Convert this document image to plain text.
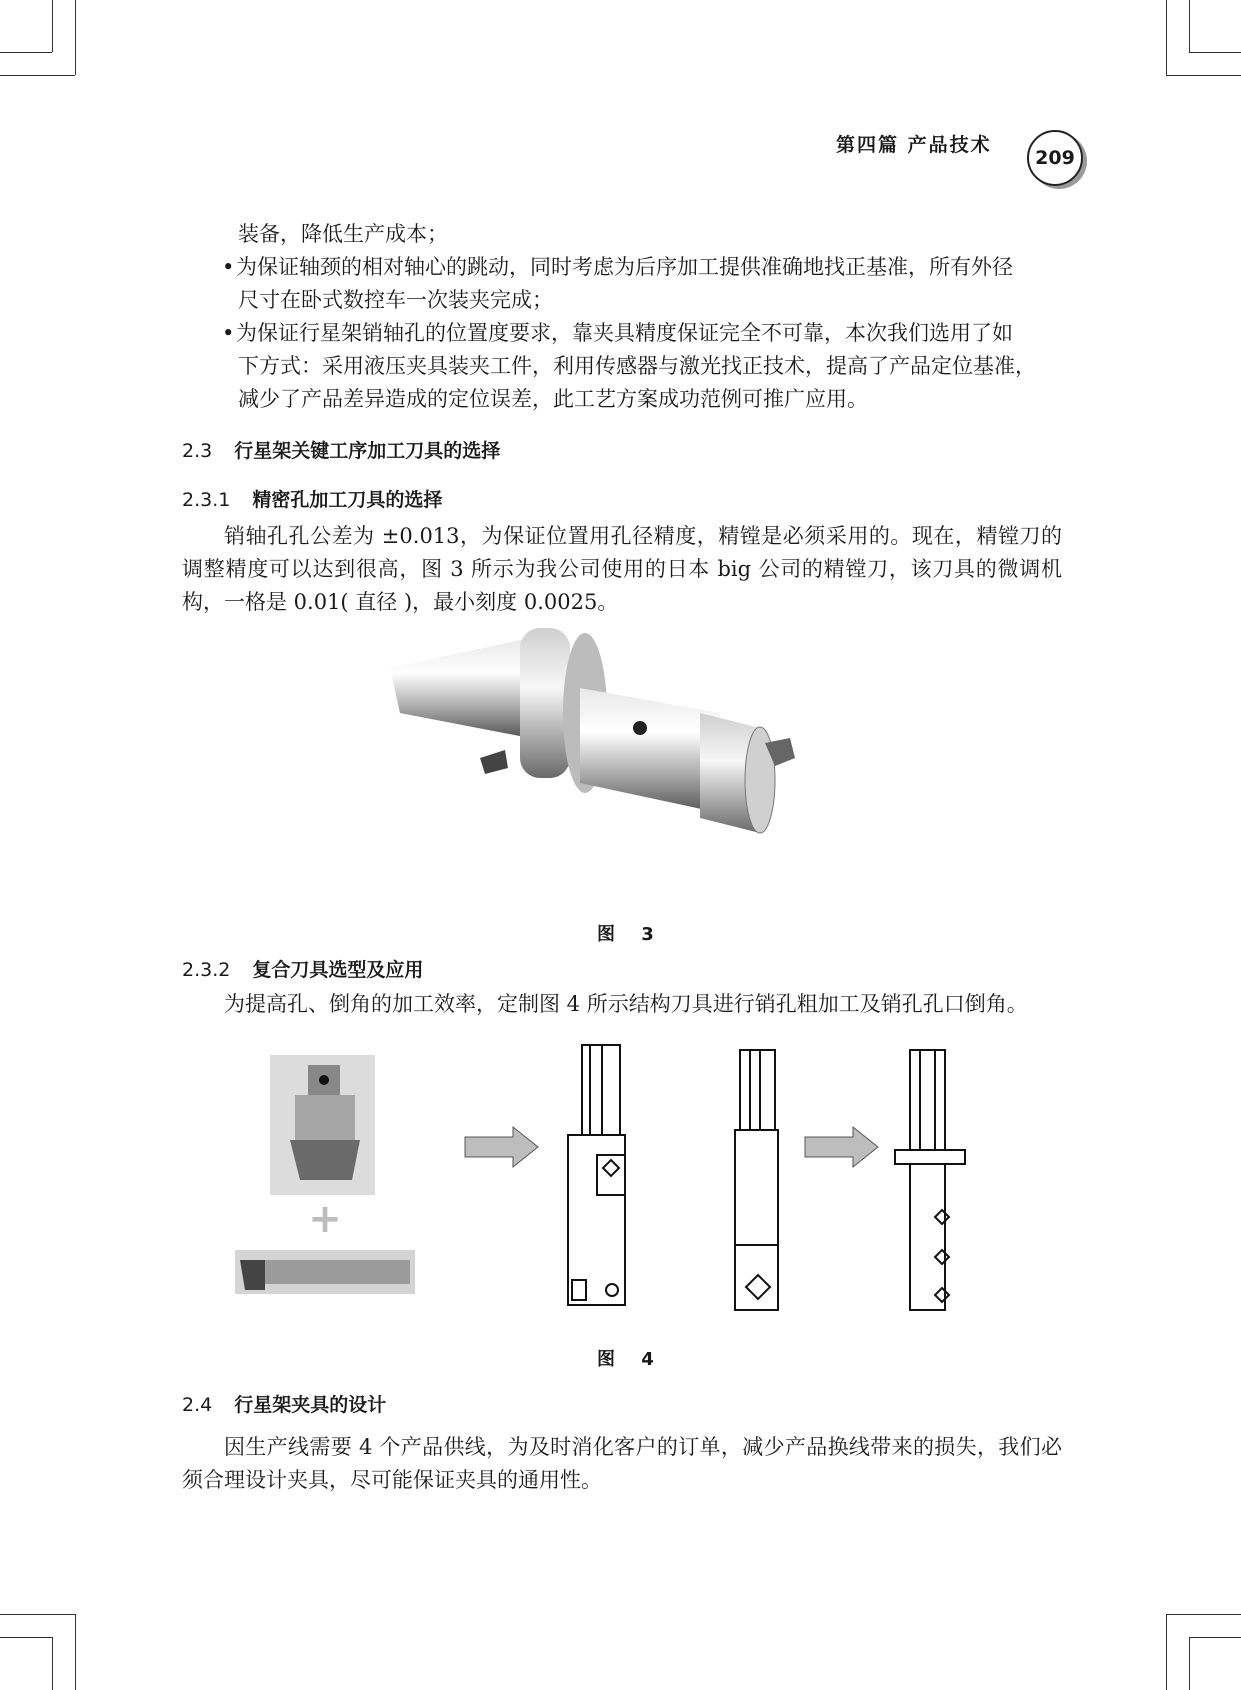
第四篇 产品技术
209

装备，降低生产成本；

• 为保证轴颈的相对轴心的跳动，同时考虑为后序加工提供准确地找正基准，所有外径

尺寸在卧式数控车一次装夹完成；

• 为保证行星架销轴孔的位置度要求，靠夹具精度保证完全不可靠，本次我们选用了如

下方式：采用液压夹具装夹工件，利用传感器与激光找正技术，提高了产品定位基准，

减少了产品差异造成的定位误差，此工艺方案成功范例可推广应用。

2.3 行星架关键工序加工刀具的选择
2.3.1 精密孔加工刀具的选择

销轴孔孔公差为 ±0.013，为保证位置用孔径精度，精镗是必须采用的。现在，精镗刀的调整精度可以达到很高，图 3 所示为我公司使用的日本 big 公司的精镗刀，该刀具的微调机构，一格是 0.01( 直径 )，最小刻度 0.0025。

图 3
2.3.2 复合刀具选型及应用

为提高孔、倒角的加工效率，定制图 4 所示结构刀具进行销孔粗加工及销孔孔口倒角。

+
图 4
2.4 行星架夹具的设计

因生产线需要 4 个产品供线，为及时消化客户的订单，减少产品换线带来的损失，我们必须合理设计夹具，尽可能保证夹具的通用性。
